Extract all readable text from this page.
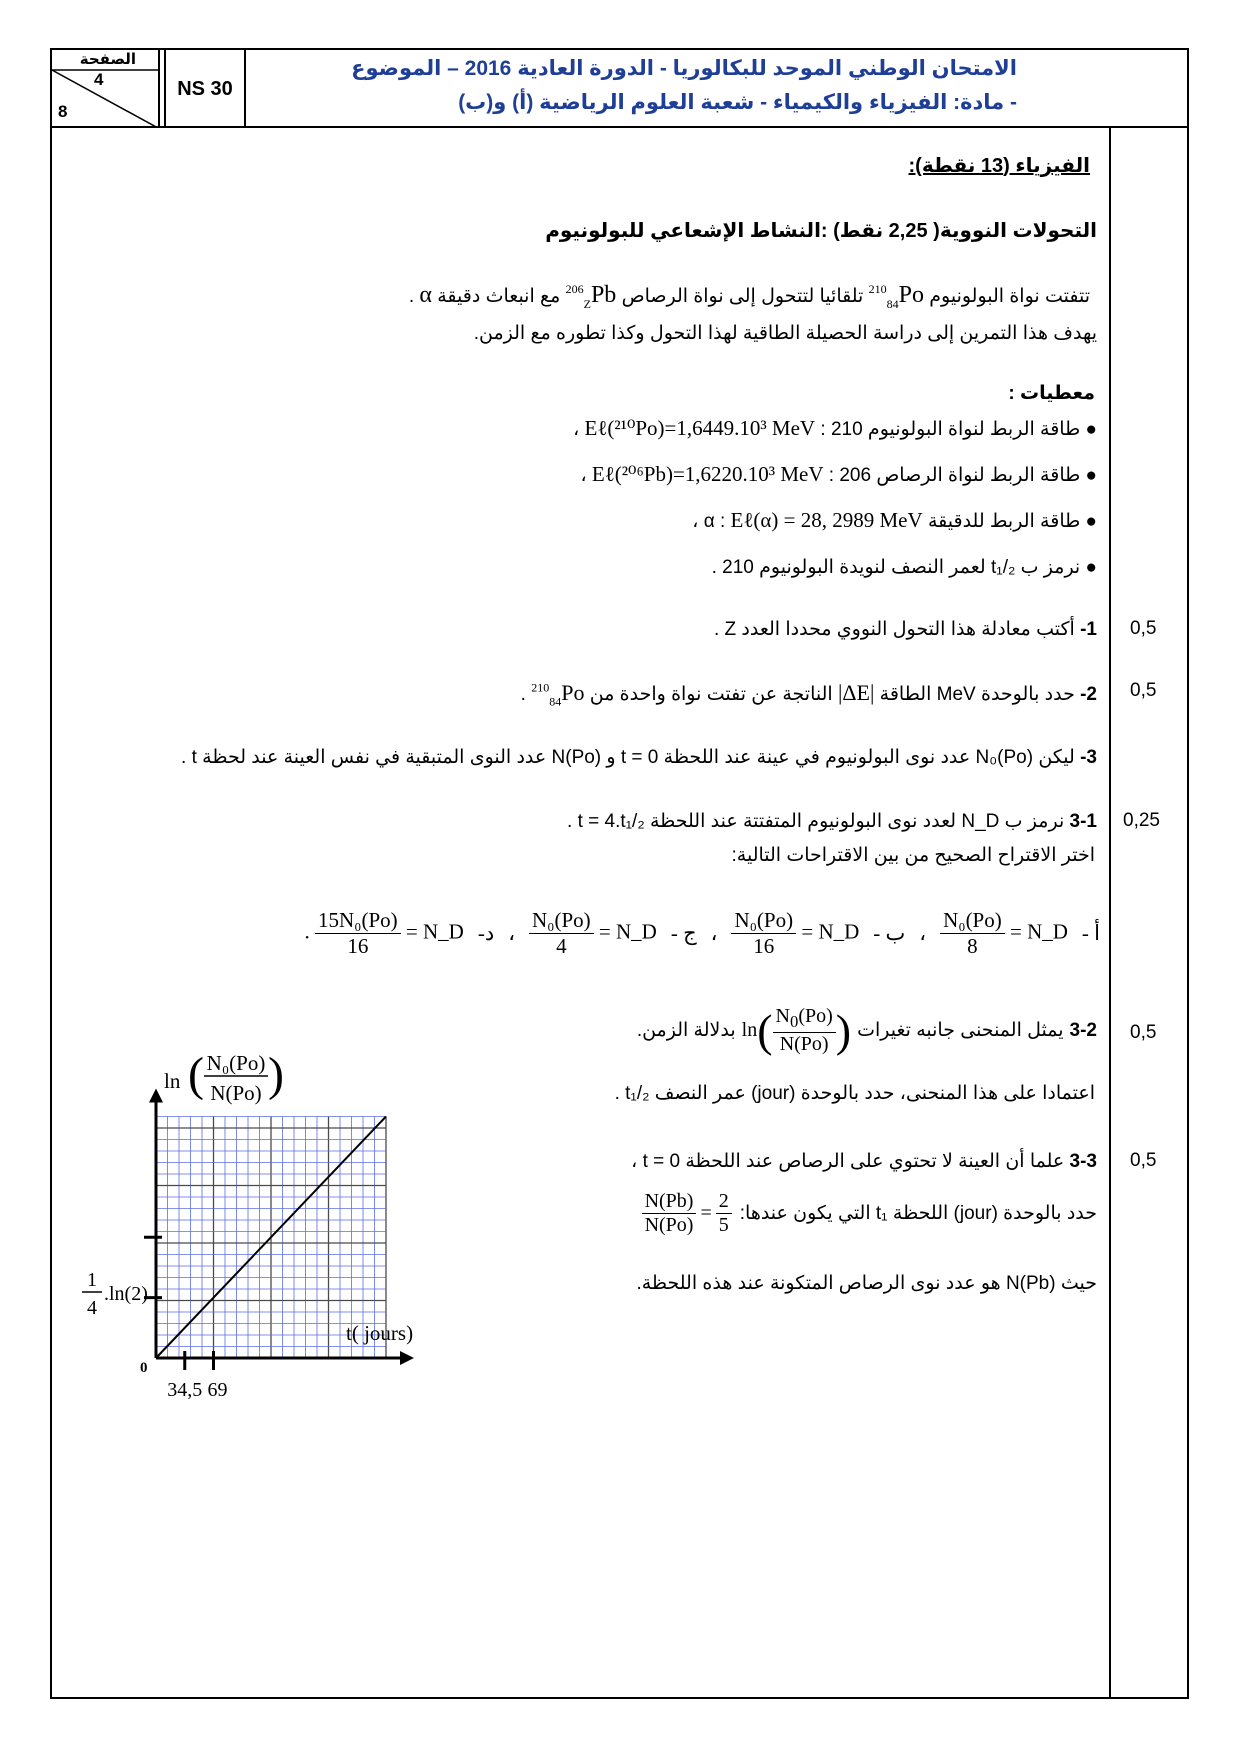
الصفحة
4
8
NS 30
الامتحان الوطني الموحد للبكالوريا - الدورة العادية 2016 – الموضوع
- مادة: الفيزياء والكيمياء - شعبة العلوم الرياضية (أ) و(ب)
الفيزياء (13 نقطة):
التحولات النووية( 2,25 نقط) :النشاط الإشعاعي للبولونيوم
تتفتت نواة البولونيوم $^{210}_{84}$Po تلقائيا لتتحول إلى نواة الرصاص $^{206}_Z$Pb مع انبعاث دقيقة α .
يهدف هذا التمرين إلى دراسة الحصيلة الطاقية لهذا التحول وكذا تطوره مع الزمن.
معطيات :
● طاقة الربط لنواة البولونيوم 210 : Eℓ(²¹⁰Po)=1,6449.10³ MeV ،
● طاقة الربط لنواة الرصاص 206 : Eℓ(²⁰⁶Pb)=1,6220.10³ MeV ،
● طاقة الربط للدقيقة α : Eℓ(α) = 28, 2989 MeV ،
● نرمز ب t₁/₂ لعمر النصف لنويدة البولونيوم 210 .
1- أكتب معادلة هذا التحول النووي محددا العدد Z .	0,5
2- حدد بالوحدة MeV الطاقة |ΔE| الناتجة عن تفتت نواة واحدة من $^{210}_{84}$Po .	0,5
3- ليكن N₀(Po) عدد نوى البولونيوم في عينة عند اللحظة t = 0 و N(Po) عدد النوى المتبقية في نفس العينة عند لحظة t .
3-1 نرمز ب N_D لعدد نوى البولونيوم المتفتتة عند اللحظة t = 4.t₁/₂ .	0,25
اختر الاقتراح الصحيح من بين الاقتراحات التالية:
أ -
N_D =
$\frac{\text{N₀(Po)}}{8}$
،
ب -
N_D =
$\frac{\text{N₀(Po)}}{16}$
،
ج -
N_D =
$\frac{\text{N₀(Po)}}{4}$
،
د-
N_D =
$\frac{\text{15N₀(Po)}}{16}$
.
3-2
يمثل المنحنى جانبه تغيرات
ln ( $\frac{N_0(Po)}{N(Po)}$ )
بدلالة الزمن.	0,5
اعتمادا على هذا المنحنى، حدد بالوحدة (jour) عمر النصف t₁/₂ .
3-3 علما أن العينة لا تحتوي على الرصاص عند اللحظة t = 0 ،	0,5
حدد بالوحدة (jour) اللحظة t₁ التي يكون عندها:
$\frac{N(Pb)}{N(Po)} = \frac{2}{5}$
حيث N(Pb) هو عدد نوى الرصاص المتكونة عند هذه اللحظة.
0
t( jours)
34,5 69
ln ( N₀(Po)
N(Po) )
1
4
.ln(2)
